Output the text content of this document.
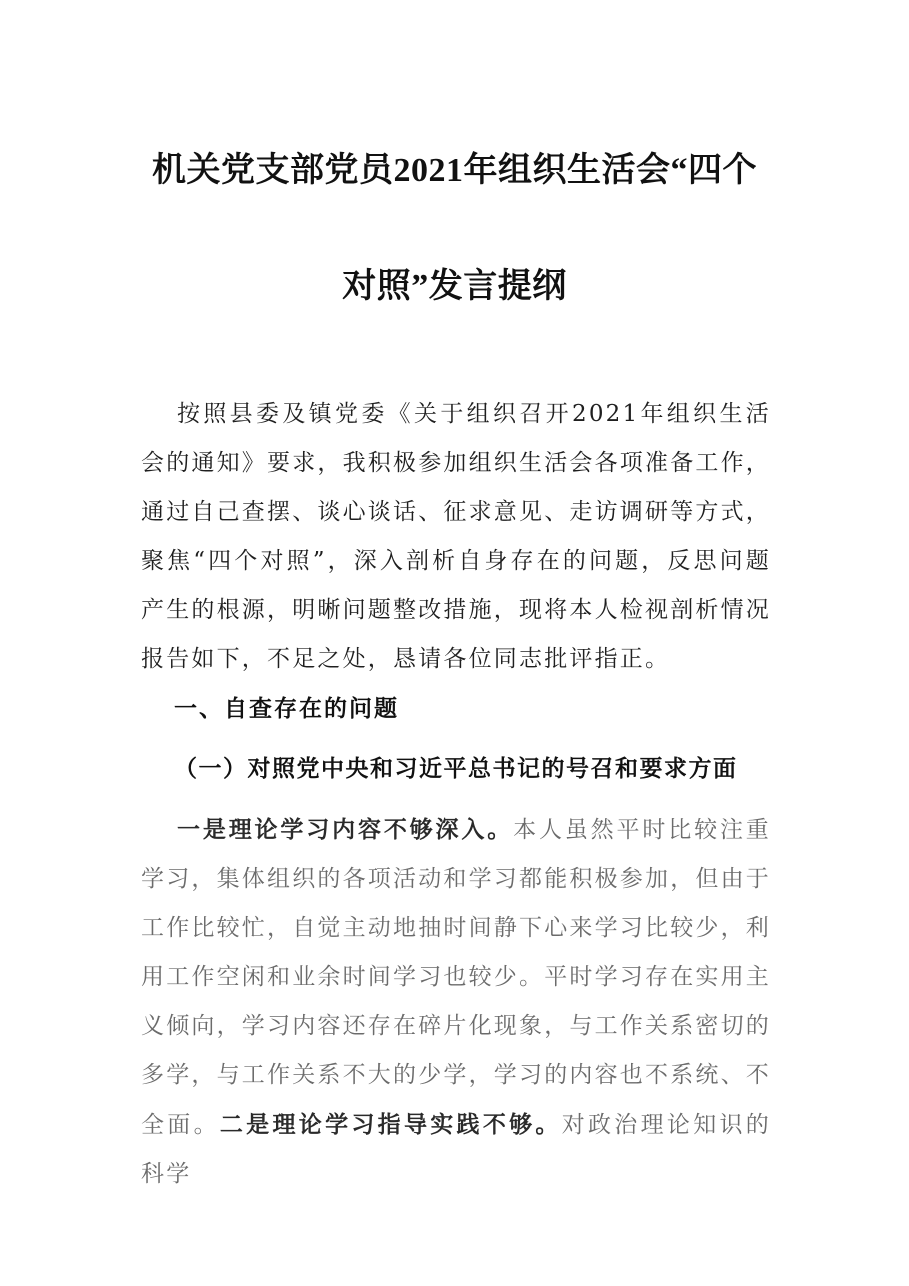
机关党支部党员2021年组织生活会“四个
对照”发言提纲
按照县委及镇党委《关于组织召开2021年组织生活会的通知》要求，我积极参加组织生活会各项准备工作，通过自己查摆、谈心谈话、征求意见、走访调研等方式，聚焦“四个对照”，深入剖析自身存在的问题，反思问题产生的根源，明晰问题整改措施，现将本人检视剖析情况报告如下，不足之处，恳请各位同志批评指正。
一、自查存在的问题
（一）对照党中央和习近平总书记的号召和要求方面
一是理论学习内容不够深入。本人虽然平时比较注重学习，集体组织的各项活动和学习都能积极参加，但由于工作比较忙，自觉主动地抽时间静下心来学习比较少，利用工作空闲和业余时间学习也较少。平时学习存在实用主义倾向，学习内容还存在碎片化现象，与工作关系密切的多学，与工作关系不大的少学，学习的内容也不系统、不全面。二是理论学习指导实践不够。对政治理论知识的科学
